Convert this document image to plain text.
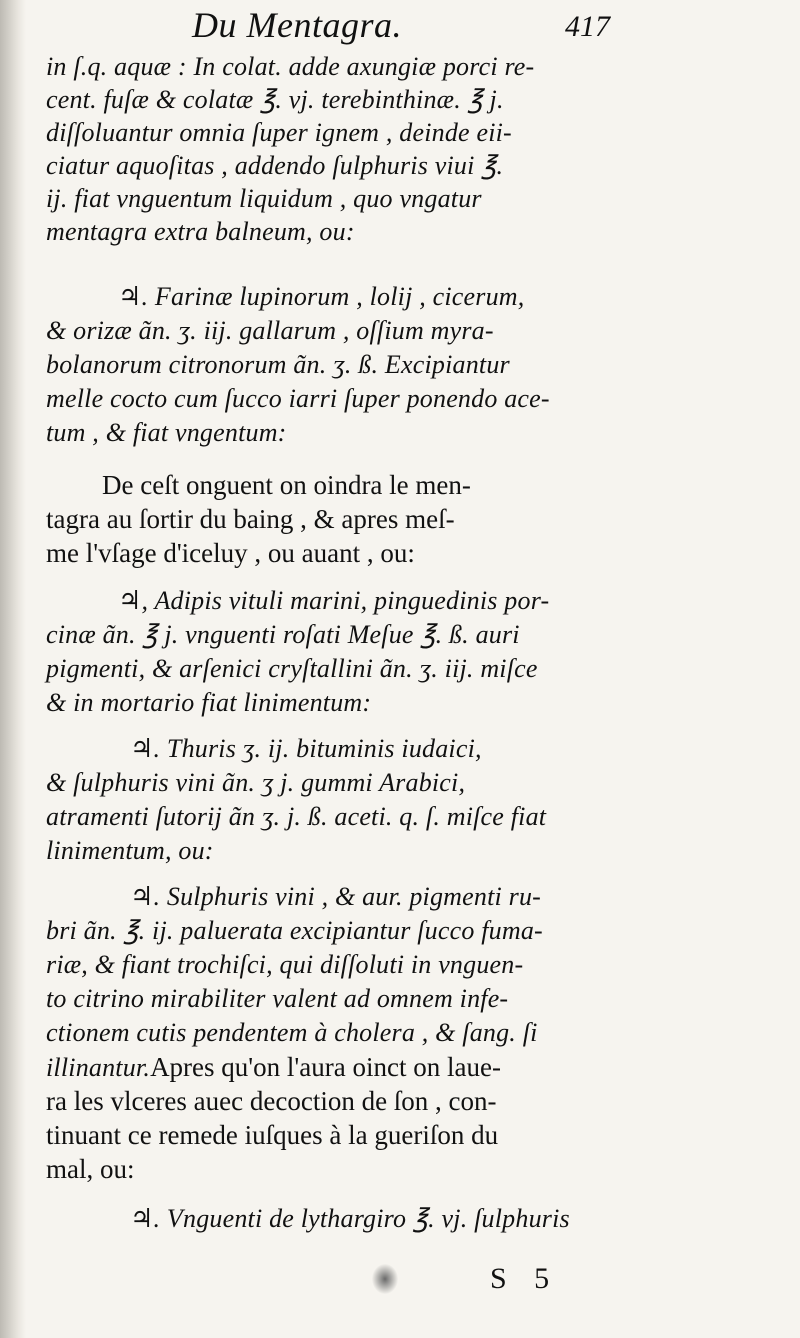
Du Mentagra.	417
in ſ.q. aquæ : In colat. adde axungiæ porci re-
cent. fuſæ & colatæ ℥. vj. terebinthinæ. ℥ j.
diſſoluantur omnia ſuper ignem , deinde eii-
ciatur aquoſitas , addendo ſulphuris viui ℥.
ij. fiat vnguentum liquidum , quo vngatur
mentagra extra balneum, ou:
♃. Farinæ lupinorum , lolij , cicerum,
& orizæ ãn. ʒ. iij. gallarum , oſſium myra-
bolanorum citronorum ãn. ʒ. ß. Excipiantur
melle cocto cum ſucco iarri ſuper ponendo ace-
tum , & fiat vngentum:
De ceſt onguent on oindra le men-
tagra au ſortir du baing , & apres meſ-
me l'vſage d'iceluy , ou auant , ou:
♃, Adipis vituli marini, pinguedinis por-
cinæ ãn. ℥ j. vnguenti roſati Meſue ℥. ß. auri
pigmenti, & arſenici cryſtallini ãn. ʒ. iij. miſce
& in mortario fiat linimentum:
♃. Thuris ʒ. ij. bituminis iudaici,
& ſulphuris vini ãn. ʒ j. gummi Arabici,
atramenti ſutorij ãn ʒ. j. ß. aceti. q. ſ. miſce fiat
linimentum, ou:
♃. Sulphuris vini , & aur. pigmenti ru-
bri ãn. ℥. ij. paluerata excipiantur ſucco fuma-
riæ, & fiant trochiſci, qui diſſoluti in vnguen-
to citrino mirabiliter valent ad omnem infe-
ctionem cutis pendentem à cholera , & ſang. ſi
illinantur.Apres qu'on l'aura oinct on laue-
ra les vlceres auec decoction de ſon , con-
tinuant ce remede iuſques à la gueriſon du
mal, ou:
♃. Vnguenti de lythargiro ℥. vj. ſulphuris
S 5
